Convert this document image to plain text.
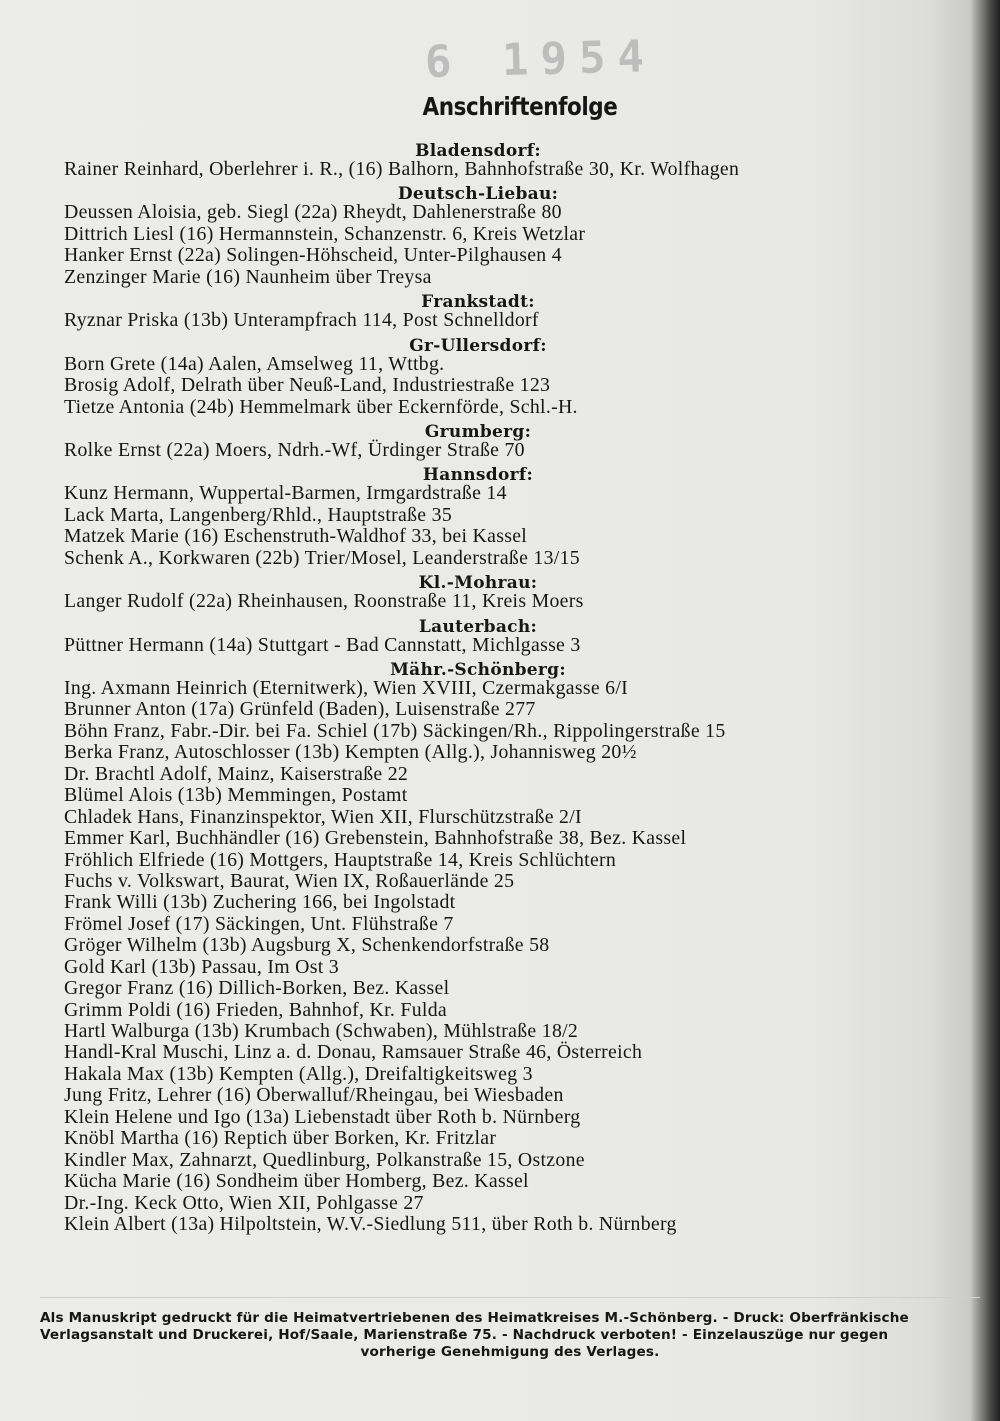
6 1954
Anschriftenfolge
Bladensdorf:
Rainer Reinhard, Oberlehrer i. R., (16) Balhorn, Bahnhofstraße 30, Kr. Wolfhagen
Deutsch-Liebau:
Deussen Aloisia, geb. Siegl (22a) Rheydt, Dahlenerstraße 80
Dittrich Liesl (16) Hermannstein, Schanzenstr. 6, Kreis Wetzlar
Hanker Ernst (22a) Solingen-Höhscheid, Unter-Pilghausen 4
Zenzinger Marie (16) Naunheim über Treysa
Frankstadt:
Ryznar Priska (13b) Unterampfrach 114, Post Schnelldorf
Gr-Ullersdorf:
Born Grete (14a) Aalen, Amselweg 11, Wttbg.
Brosig Adolf, Delrath über Neuß-Land, Industriestraße 123
Tietze Antonia (24b) Hemmelmark über Eckernförde, Schl.-H.
Grumberg:
Rolke Ernst (22a) Moers, Ndrh.-Wf, Ürdinger Straße 70
Hannsdorf:
Kunz Hermann, Wuppertal-Barmen, Irmgardstraße 14
Lack Marta, Langenberg/Rhld., Hauptstraße 35
Matzek Marie (16) Eschenstruth-Waldhof 33, bei Kassel
Schenk A., Korkwaren (22b) Trier/Mosel, Leanderstraße 13/15
Kl.-Mohrau:
Langer Rudolf (22a) Rheinhausen, Roonstraße 11, Kreis Moers
Lauterbach:
Püttner Hermann (14a) Stuttgart - Bad Cannstatt, Michlgasse 3
Mähr.-Schönberg:
Ing. Axmann Heinrich (Eternitwerk), Wien XVIII, Czermakgasse 6/I
Brunner Anton (17a) Grünfeld (Baden), Luisenstraße 277
Böhn Franz, Fabr.-Dir. bei Fa. Schiel (17b) Säckingen/Rh., Rippolingerstraße 15
Berka Franz, Autoschlosser (13b) Kempten (Allg.), Johannisweg 20½
Dr. Brachtl Adolf, Mainz, Kaiserstraße 22
Blümel Alois (13b) Memmingen, Postamt
Chladek Hans, Finanzinspektor, Wien XII, Flurschützstraße 2/I
Emmer Karl, Buchhändler (16) Grebenstein, Bahnhofstraße 38, Bez. Kassel
Fröhlich Elfriede (16) Mottgers, Hauptstraße 14, Kreis Schlüchtern
Fuchs v. Volkswart, Baurat, Wien IX, Roßauerlände 25
Frank Willi (13b) Zuchering 166, bei Ingolstadt
Frömel Josef (17) Säckingen, Unt. Flühstraße 7
Gröger Wilhelm (13b) Augsburg X, Schenkendorfstraße 58
Gold Karl (13b) Passau, Im Ost 3
Gregor Franz (16) Dillich-Borken, Bez. Kassel
Grimm Poldi (16) Frieden, Bahnhof, Kr. Fulda
Hartl Walburga (13b) Krumbach (Schwaben), Mühlstraße 18/2
Handl-Kral Muschi, Linz a. d. Donau, Ramsauer Straße 46, Österreich
Hakala Max (13b) Kempten (Allg.), Dreifaltigkeitsweg 3
Jung Fritz, Lehrer (16) Oberwalluf/Rheingau, bei Wiesbaden
Klein Helene und Igo (13a) Liebenstadt über Roth b. Nürnberg
Knöbl Martha (16) Reptich über Borken, Kr. Fritzlar
Kindler Max, Zahnarzt, Quedlinburg, Polkanstraße 15, Ostzone
Kücha Marie (16) Sondheim über Homberg, Bez. Kassel
Dr.-Ing. Keck Otto, Wien XII, Pohlgasse 27
Klein Albert (13a) Hilpoltstein, W.V.-Siedlung 511, über Roth b. Nürnberg
Als Manuskript gedruckt für die Heimatvertriebenen des Heimatkreises M.-Schönberg. - Druck: Oberfränkische
Verlagsanstalt und Druckerei, Hof/Saale, Marienstraße 75. - Nachdruck verboten! - Einzelauszüge nur gegen
vorherige Genehmigung des Verlages.
